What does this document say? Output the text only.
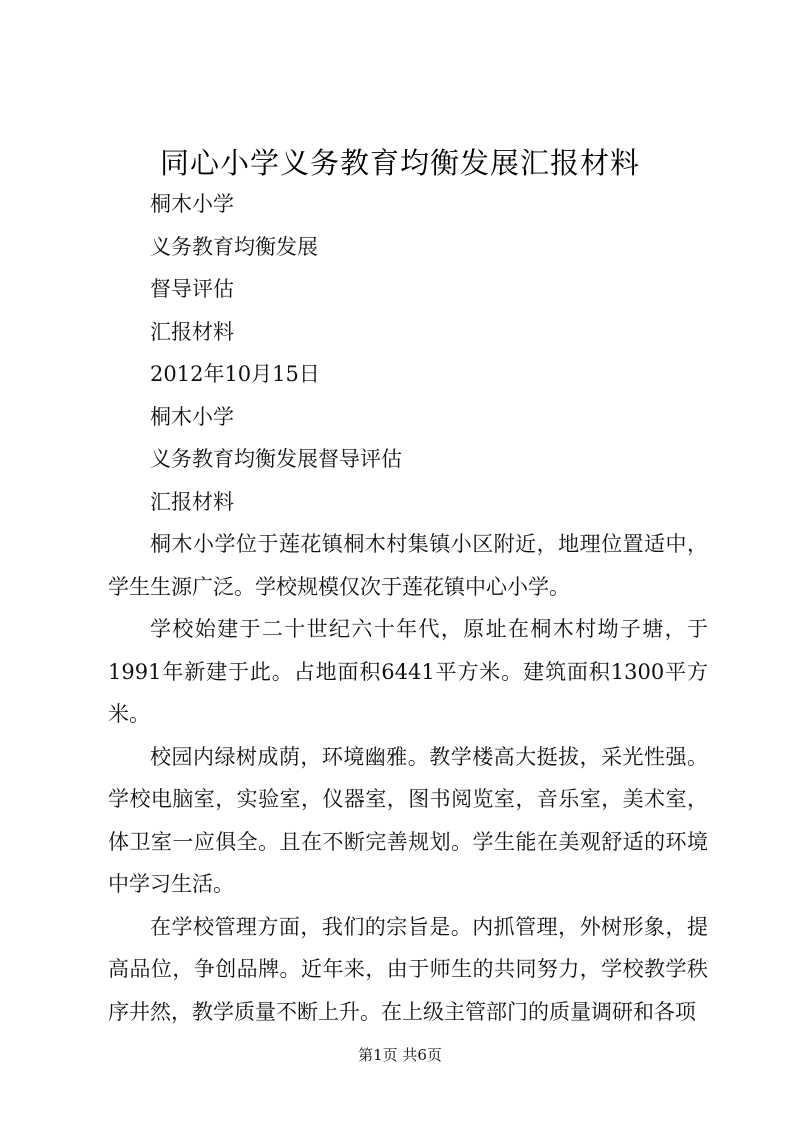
同心小学义务教育均衡发展汇报材料

桐木小学

义务教育均衡发展

督导评估

汇报材料

2012年10月15日

桐木小学

义务教育均衡发展督导评估

汇报材料

桐木小学位于莲花镇桐木村集镇小区附近，地理位置适中，学生生源广泛。学校规模仅次于莲花镇中心小学。

学校始建于二十世纪六十年代，原址在桐木村坳子塘，于1991年新建于此。占地面积6441平方米。建筑面积1300平方米。

校园内绿树成荫，环境幽雅。教学楼高大挺拔，采光性强。学校电脑室，实验室，仪器室，图书阅览室，音乐室，美术室，体卫室一应俱全。且在不断完善规划。学生能在美观舒适的环境中学习生活。

在学校管理方面，我们的宗旨是。内抓管理，外树形象，提高品位，争创品牌。近年来，由于师生的共同努力，学校教学秩序井然，教学质量不断上升。在上级主管部门的质量调研和各项

第1页 共6页
